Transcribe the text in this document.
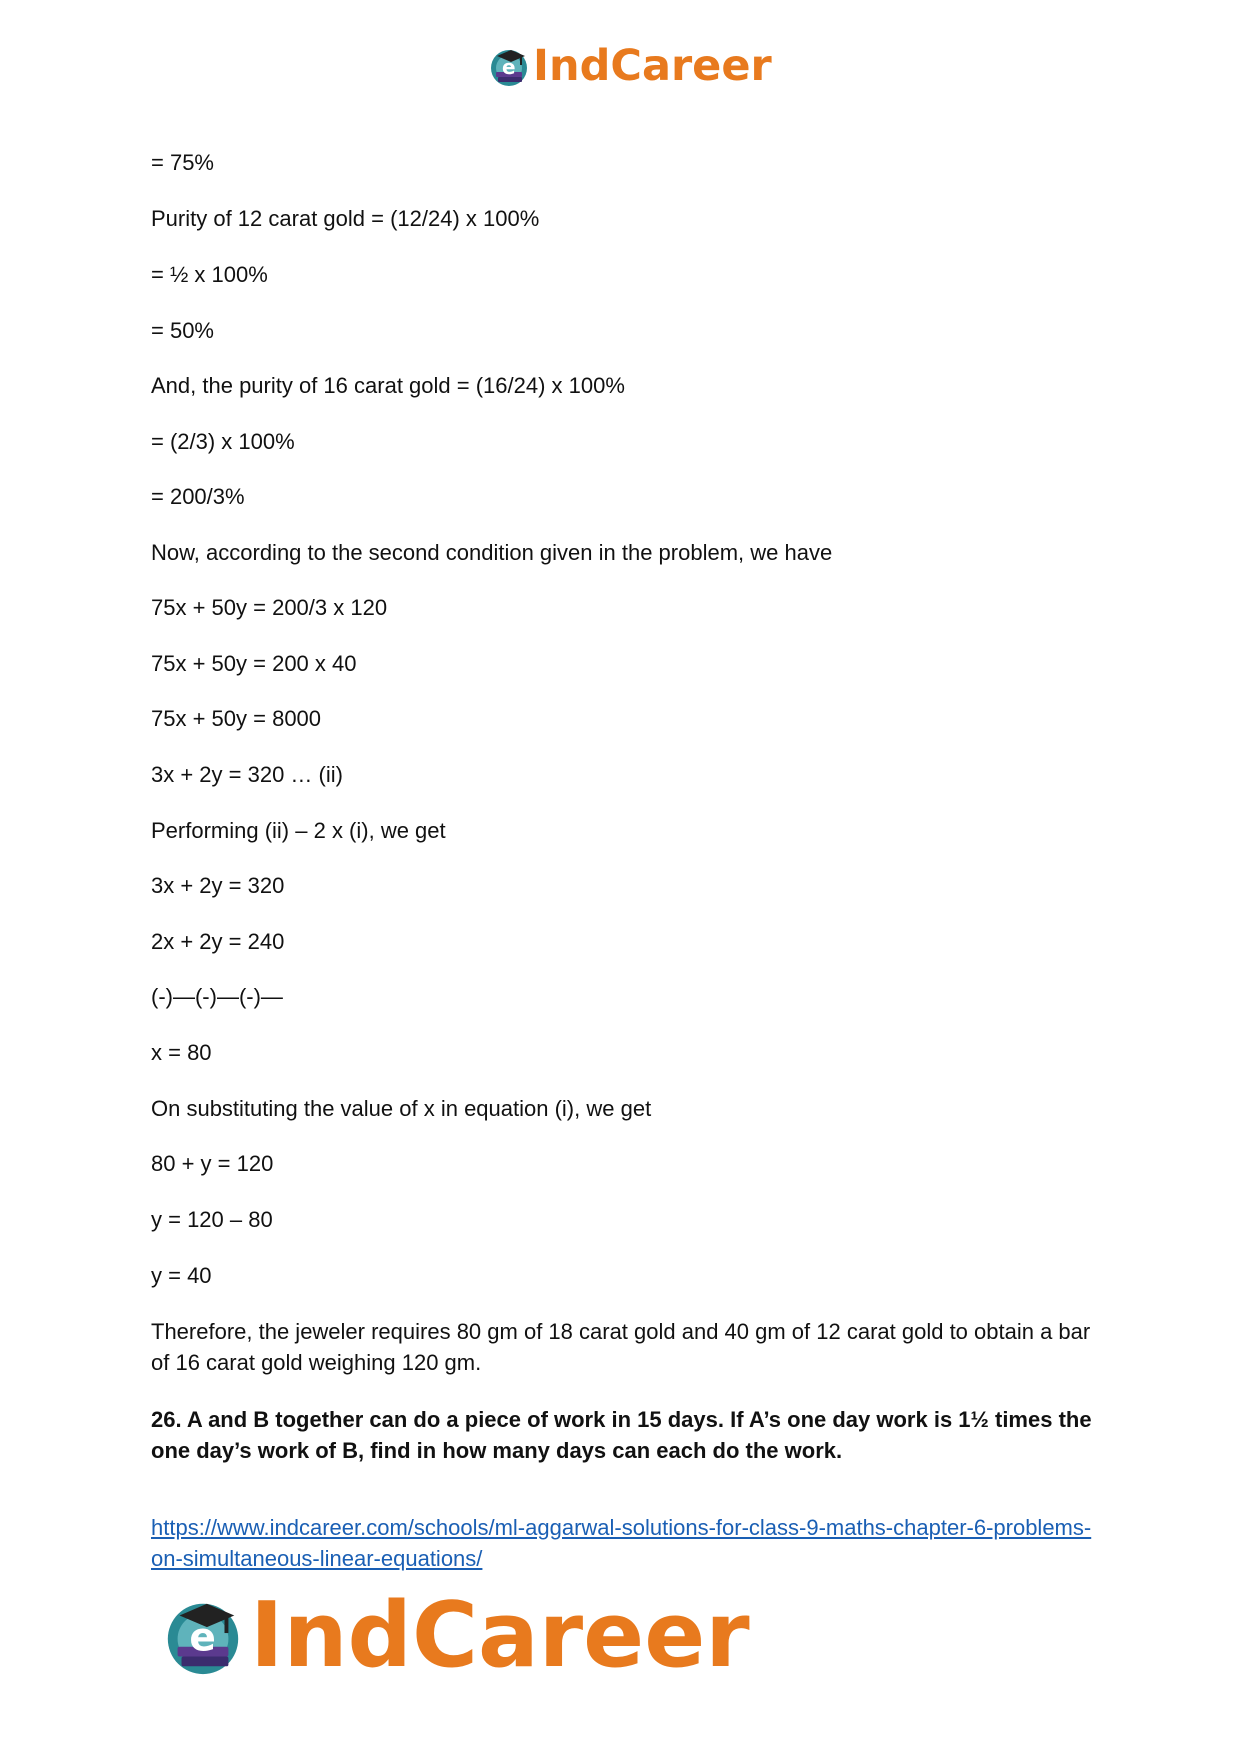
e IndCareer
= 75%
Purity of 12 carat gold = (12/24) x 100%
= ½ x 100%
= 50%
And, the purity of 16 carat gold = (16/24) x 100%
= (2/3) x 100%
= 200/3%
Now, according to the second condition given in the problem, we have
75x + 50y = 200/3 x 120
75x + 50y = 200 x 40
75x + 50y = 8000
3x + 2y = 320 … (ii)
Performing (ii) – 2 x (i), we get
3x + 2y = 320
2x + 2y = 240
(-)—(-)—(-)—
x = 80
On substituting the value of x in equation (i), we get
80 + y = 120
y = 120 – 80
y = 40
Therefore, the jeweler requires 80 gm of 18 carat gold and 40 gm of 12 carat gold to obtain a bar of 16 carat gold weighing 120 gm.
26. A and B together can do a piece of work in 15 days. If A’s one day work is 1½ times the one day’s work of B, find in how many days can each do the work.
https://www.indcareer.com/schools/ml-aggarwal-solutions-for-class-9-maths-chapter-6-problems-on-simultaneous-linear-equations/
e IndCareer
